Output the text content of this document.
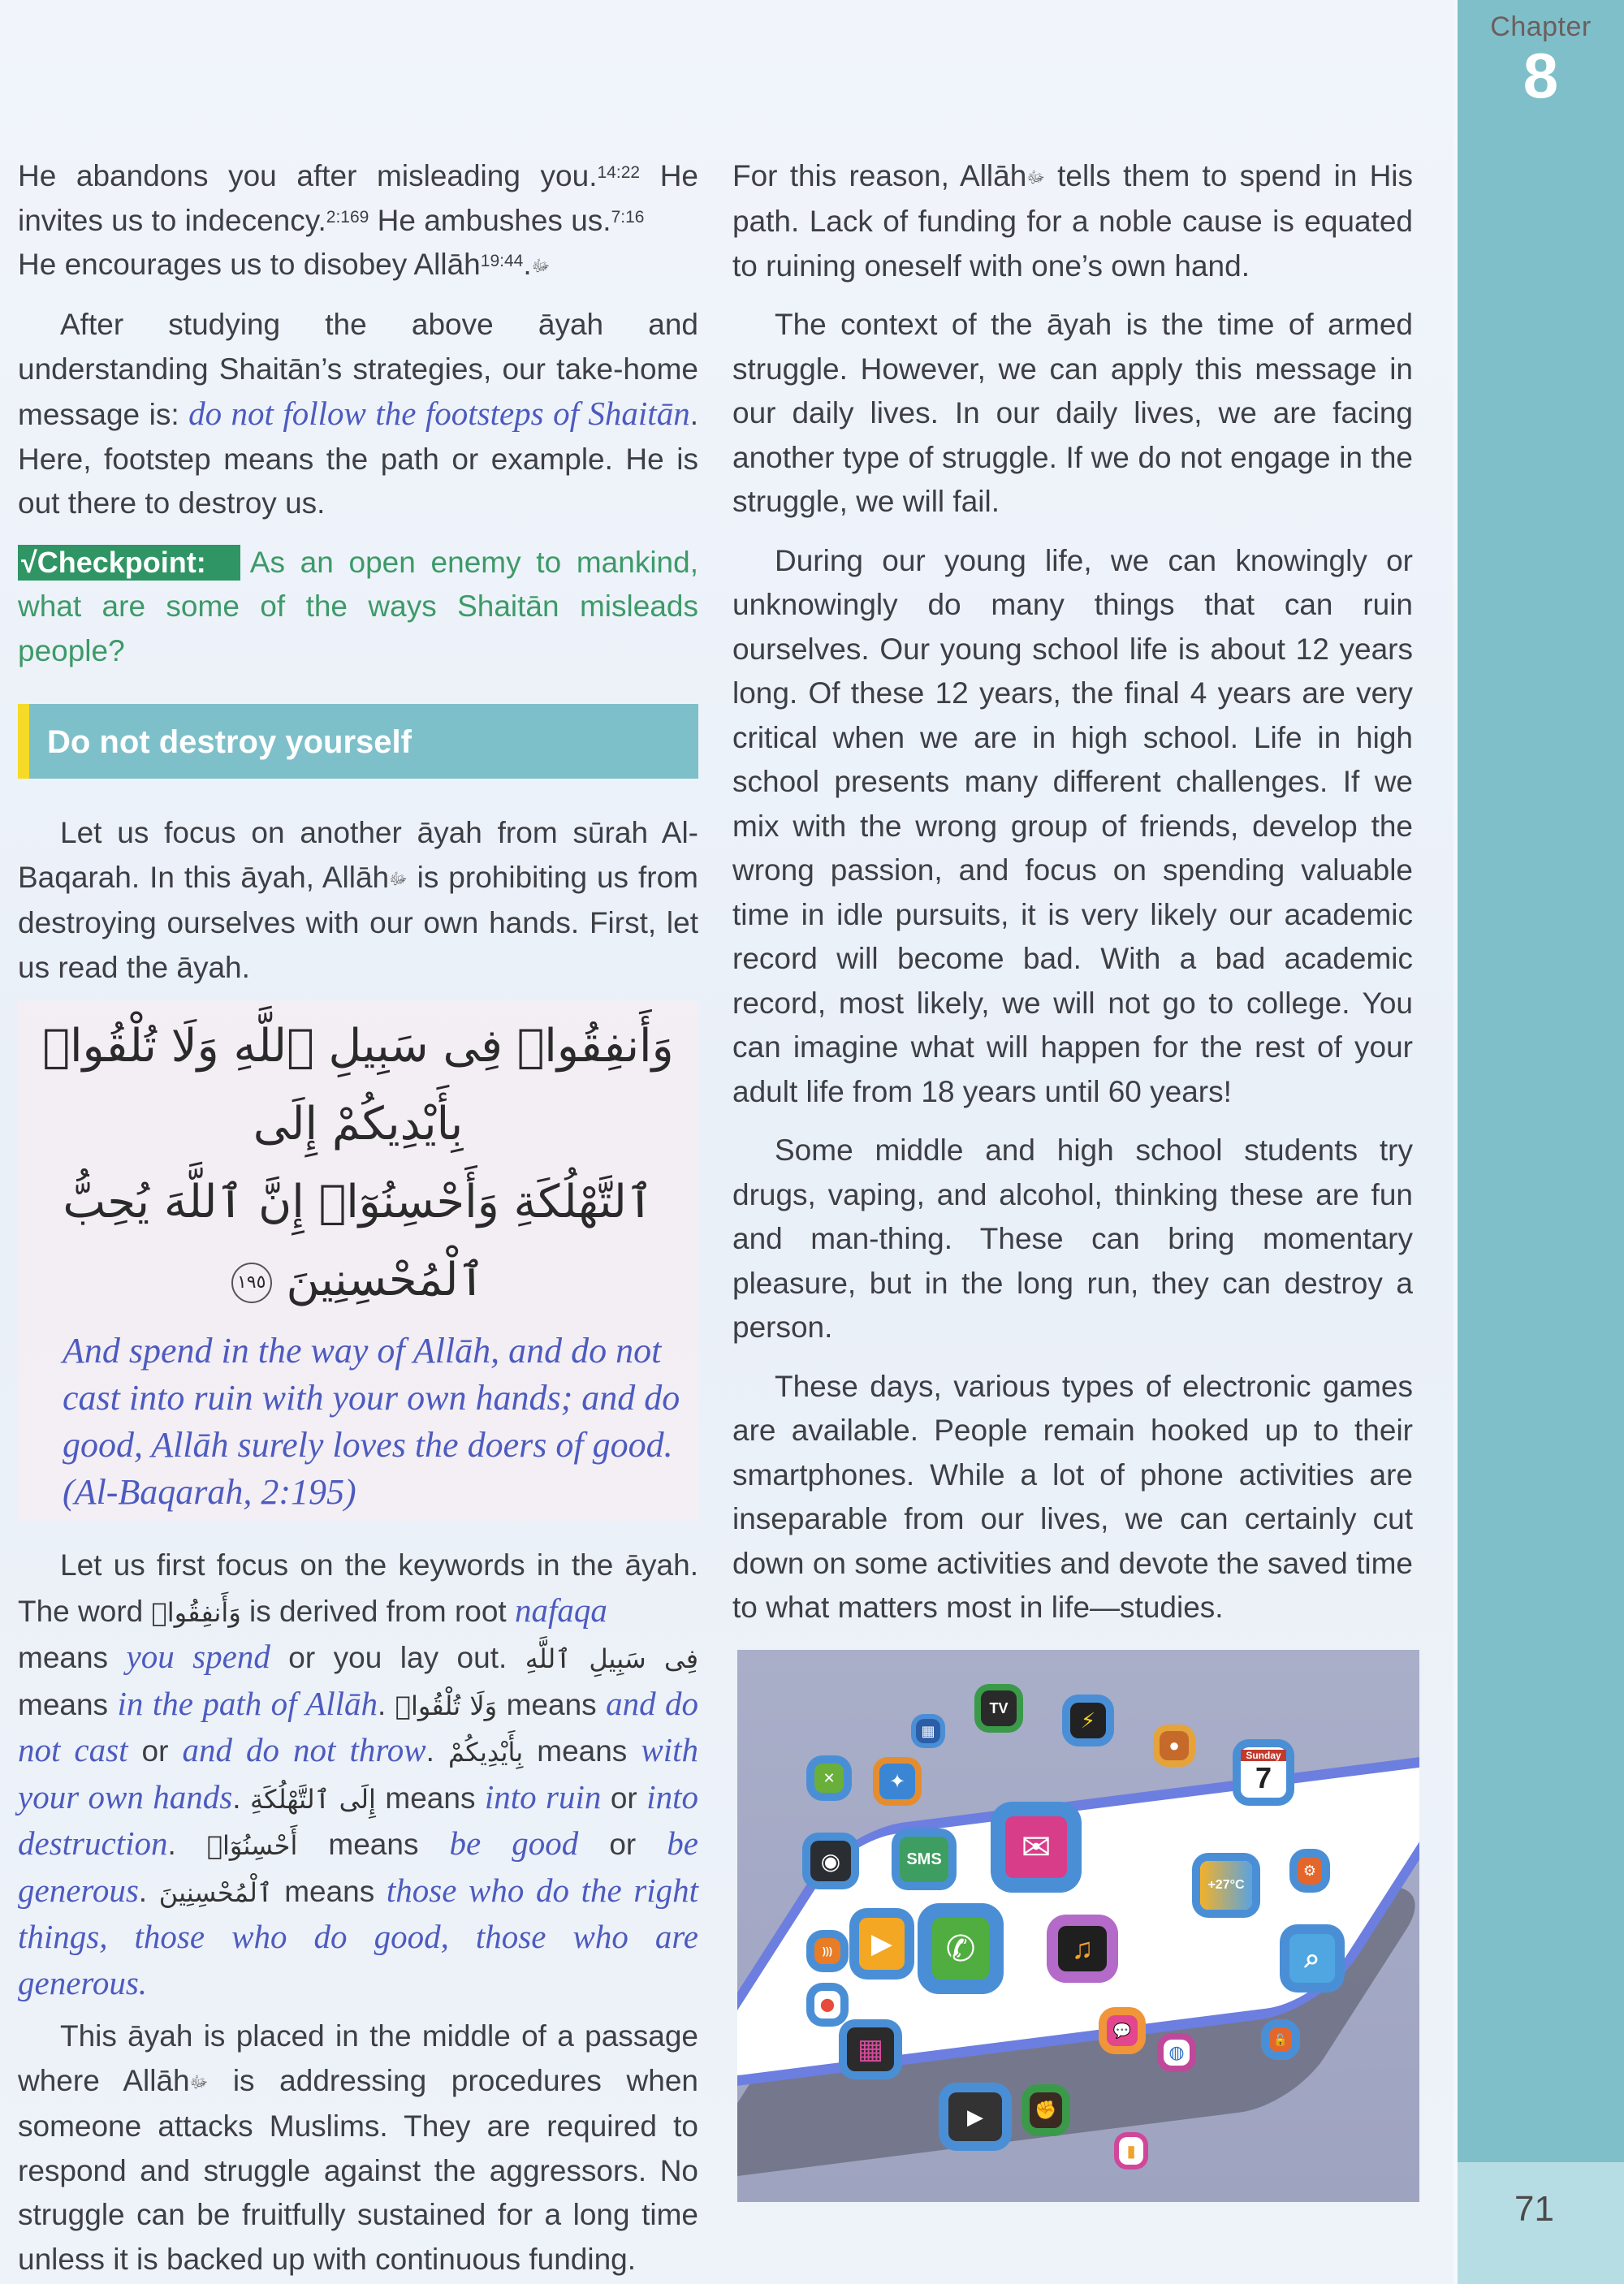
Chapter
8
71

He abandons you after misleading you.$^{14:22}$ He invites us to indecency.$^{2:169}$ He ambushes us.$^{7:16}$
He encourages us to disobey Allāh	ﷻ.$^{19:44}$

After studying the above āyah and understanding Shaitān’s strategies, our take-home message is: do not follow the footsteps of Shaitān. Here, footstep means the path or example. He is out there to destroy us.

√Checkpoint: As an open enemy to mankind, what are some of the ways Shaitān misleads people?

Do not destroy yourself

Let us focus on another āyah from sūrah Al-Baqarah. In this āyah, Allāhﷻ is prohibiting us from destroying ourselves with our own hands. First, let us read the āyah.

وَأَنفِقُوا۟ فِى سَبِيلِ ٱللَّهِ وَلَا تُلْقُوا۟ بِأَيْدِيكُمْ إِلَى
ٱلتَّهْلُكَةِ وَأَحْسِنُوٓا۟ إِنَّ ٱللَّهَ يُحِبُّ ٱلْمُحْسِنِينَ ١٩٥
And spend in the way of Allāh, and do not cast into ruin with your own hands; and do good, Allāh surely loves the doers of good. (Al-Baqarah, 2:195)

Let us first focus on the keywords in the āyah. The word وَأَنفِقُوا۟ is derived from root nafaqa
means you spend or you lay out. فِى سَبِيلِ ٱللَّهِ means in the path of Allāh. وَلَا تُلْقُوا۟ means and do not cast or and do not throw. بِأَيْدِيكُمْ means with your own hands. إِلَى ٱلتَّهْلُكَةِ means into ruin or into destruction. أَحْسِنُوٓا۟ means be good or be generous. ٱلْمُحْسِنِينَ means those who do the right things, those who do good, those who are generous.

This āyah is placed in the middle of a passage where Allāhﷻ is addressing procedures when someone attacks Muslims. They are required to respond and struggle against the aggressors. No struggle can be fruitfully sustained for a long time unless it is backed up with continuous funding.

For this reason, Allāhﷻ tells them to spend in His path. Lack of funding for a noble cause is equated to ruining oneself with one’s own hand.

The context of the āyah is the time of armed struggle. However, we can apply this message in our daily lives. In our daily lives, we are facing another type of struggle. If we do not engage in the struggle, we will fail.

During our young life, we can knowingly or unknowingly do many things that can ruin ourselves. Our young school life is about 12 years long. Of these 12 years, the final 4 years are very critical when we are in high school. Life in high school presents many different challenges. If we mix with the wrong group of friends, develop the wrong passion, and focus on spending valuable time in idle pursuits, it is very likely our academic record will become bad. With a bad academic record, most likely, we will not go to college. You can imagine what will happen for the rest of your adult life from 18 years until 60 years!

Some middle and high school students try drugs, vaping, and alcohol, thinking these are fun and man-thing. These can bring momentary pleasure, but in the long run, they can destroy a person.

These days, various types of electronic games are available. People remain hooked up to their smartphones. While a lot of phone activities are inseparable from our lives, we can certainly cut down on some activities and devote the saved time to what matters most in life—studies.

TV	⚡
▦
●	Sunday
7
✦
✕
◉	SMS	✉
+27°C
⚙
)))	▶	✆	♫	⌕
⬤
▦
💬
◍
🔓
▶	✊
▮
